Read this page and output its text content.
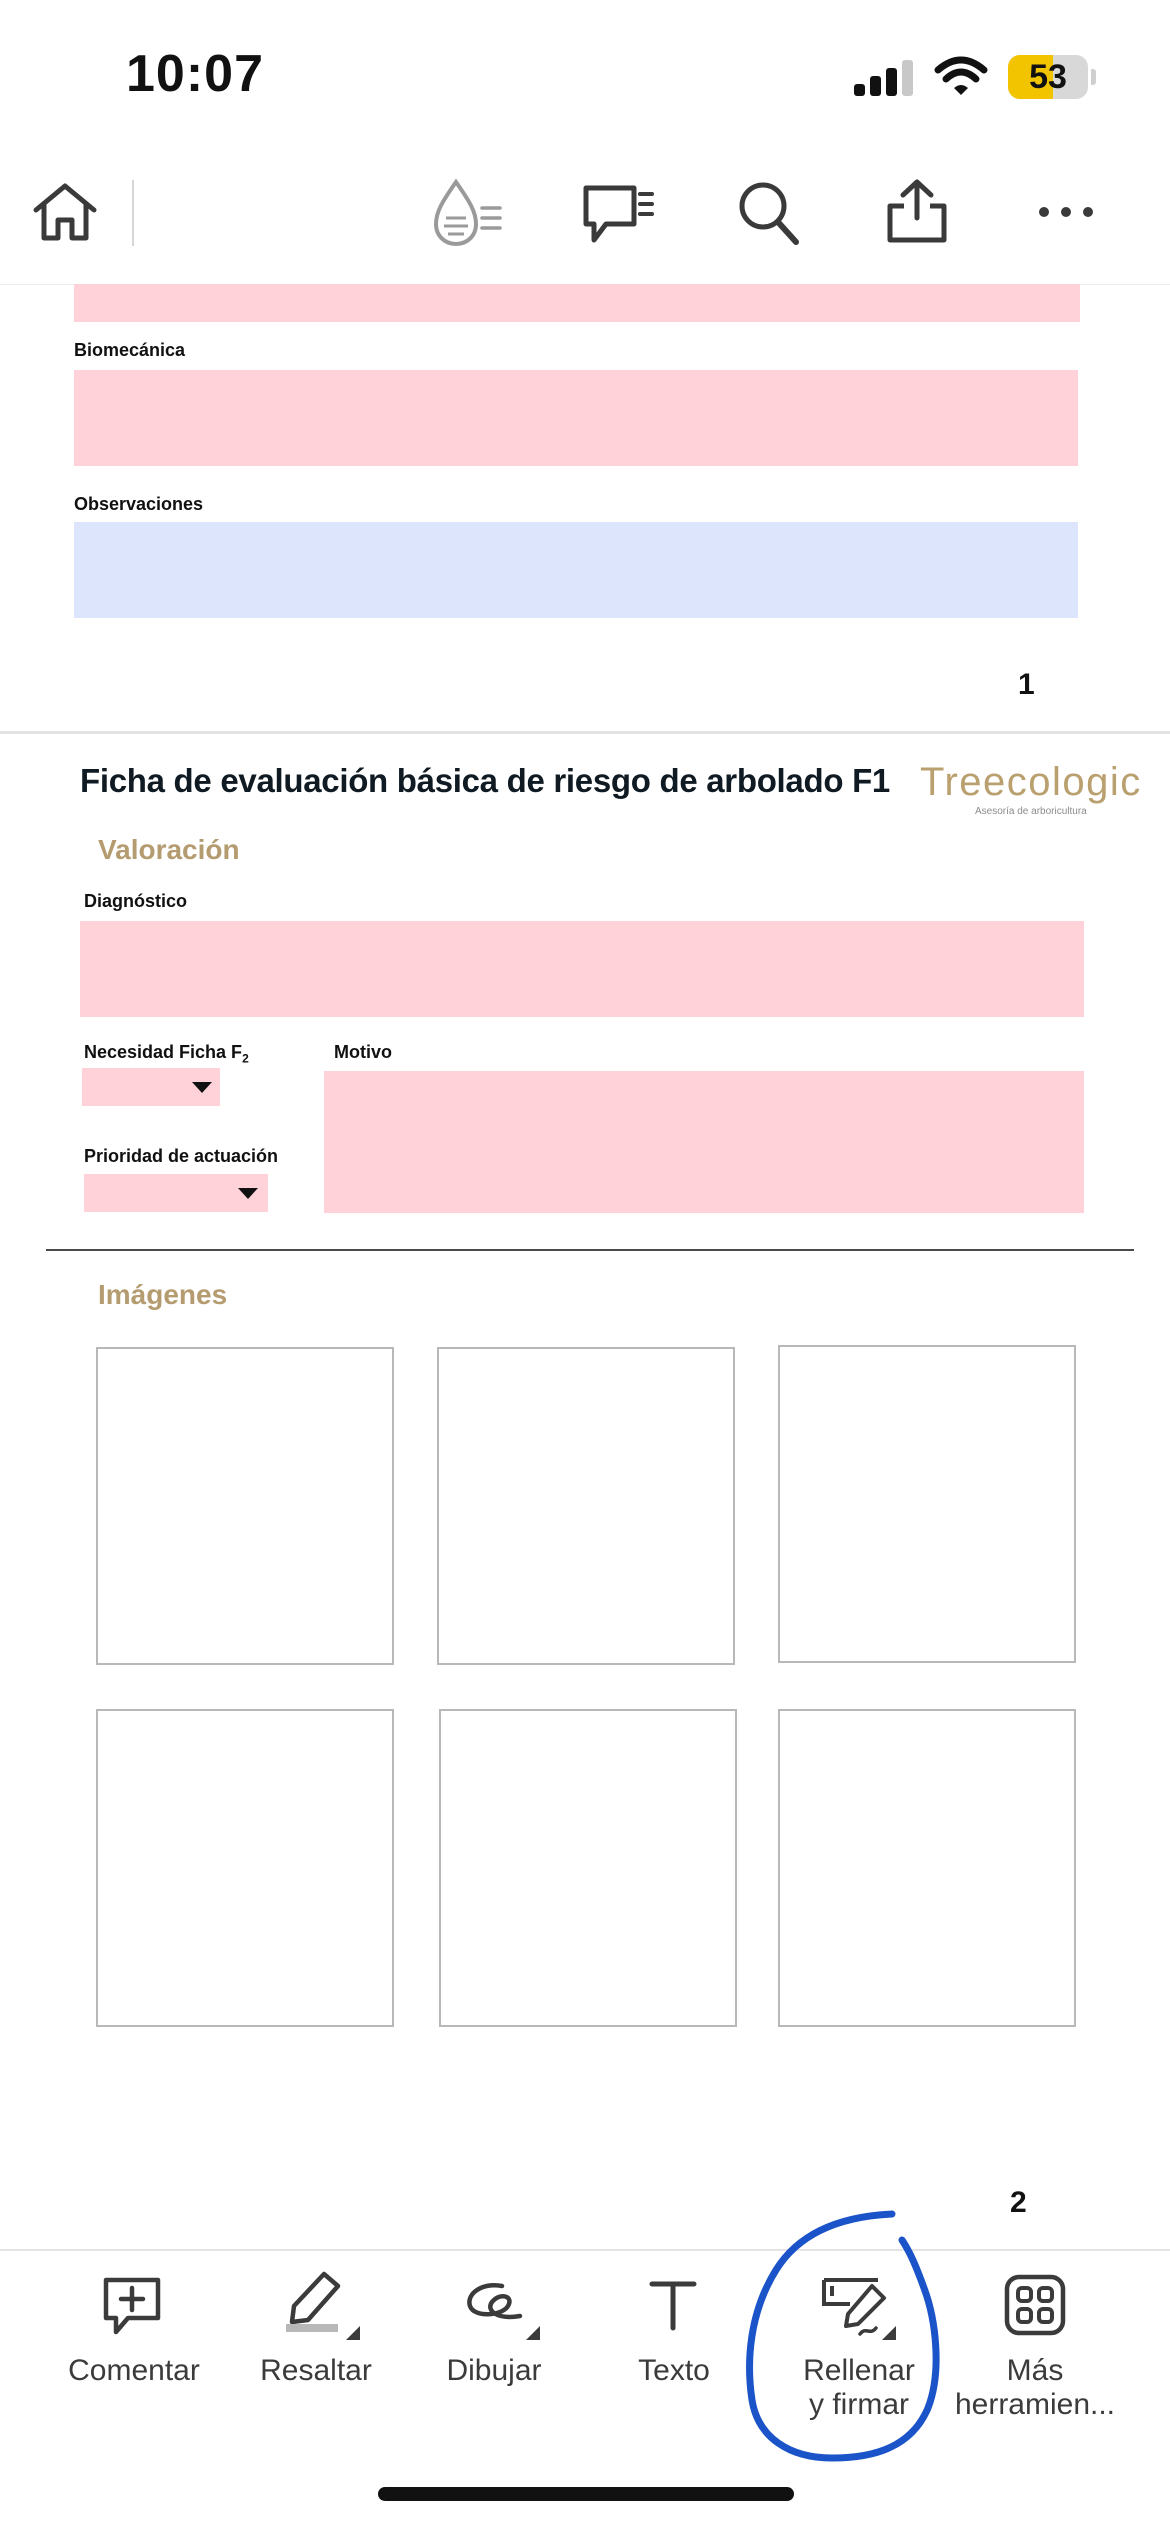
10:07	53
Biomecánica
Observaciones
1
Ficha de evaluación básica de riesgo de arbolado F1 Treecologic
Asesoría de arboricultura
Valoración
Diagnóstico
Necesidad Ficha $F_2$	Motivo
Prioridad de actuación
Imágenes
2
Comentar	Resaltar	Dibujar	Texto	Rellenar
y firmar
Más
herramien...
